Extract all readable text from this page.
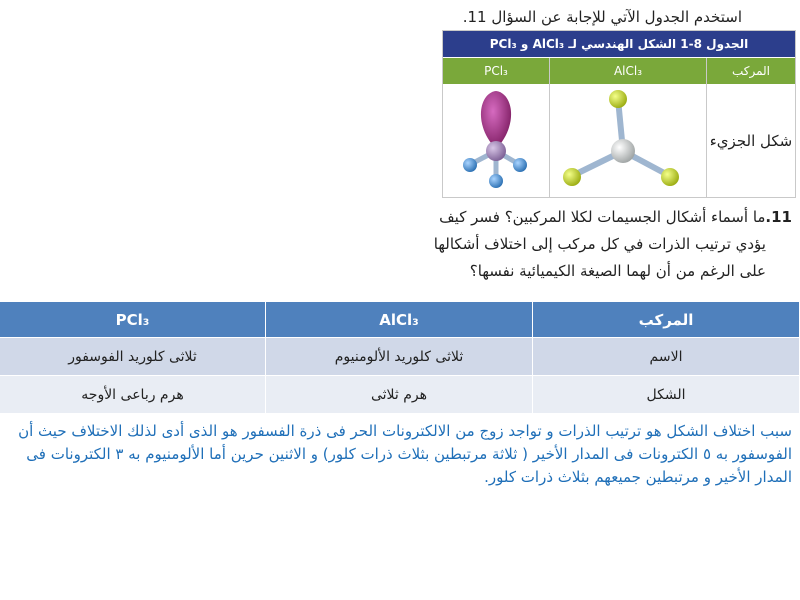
استخدم الجدول الآتي للإجابة عن السؤال 11.
الجدول 8-1 الشكل الهندسي لـ AlCl₃ و PCl₃
PCl₃	AlCl₃	المركب
شكل الجزيء
11.ما أسماء أشكال الجسيمات لكلا المركبين؟ فسر كيف
يؤدي ترتيب الذرات في كل مركب إلى اختلاف أشكالها
على الرغم من أن لهما الصيغة الكيميائية نفسها؟
PCl₃	AlCl₃	المركب
ثلاثى كلوريد الفوسفور	ثلاثى كلوريد الألومنيوم	الاسم
هرم رباعى الأوجه	هرم ثلاثى	الشكل
سبب اختلاف الشكل هو ترتيب الذرات و تواجد زوج من الالكترونات الحر فى ذرة الفسفور هو الذى أدى لذلك الاختلاف حيث أن الفوسفور به ٥ الكترونات فى المدار الأخير ( ثلاثة مرتبطين بثلاث ذرات كلور) و الاثنين حرين أما الألومنيوم به ٣ الكترونات فى المدار الأخير و مرتبطين جميعهم بثلاث ذرات كلور.
